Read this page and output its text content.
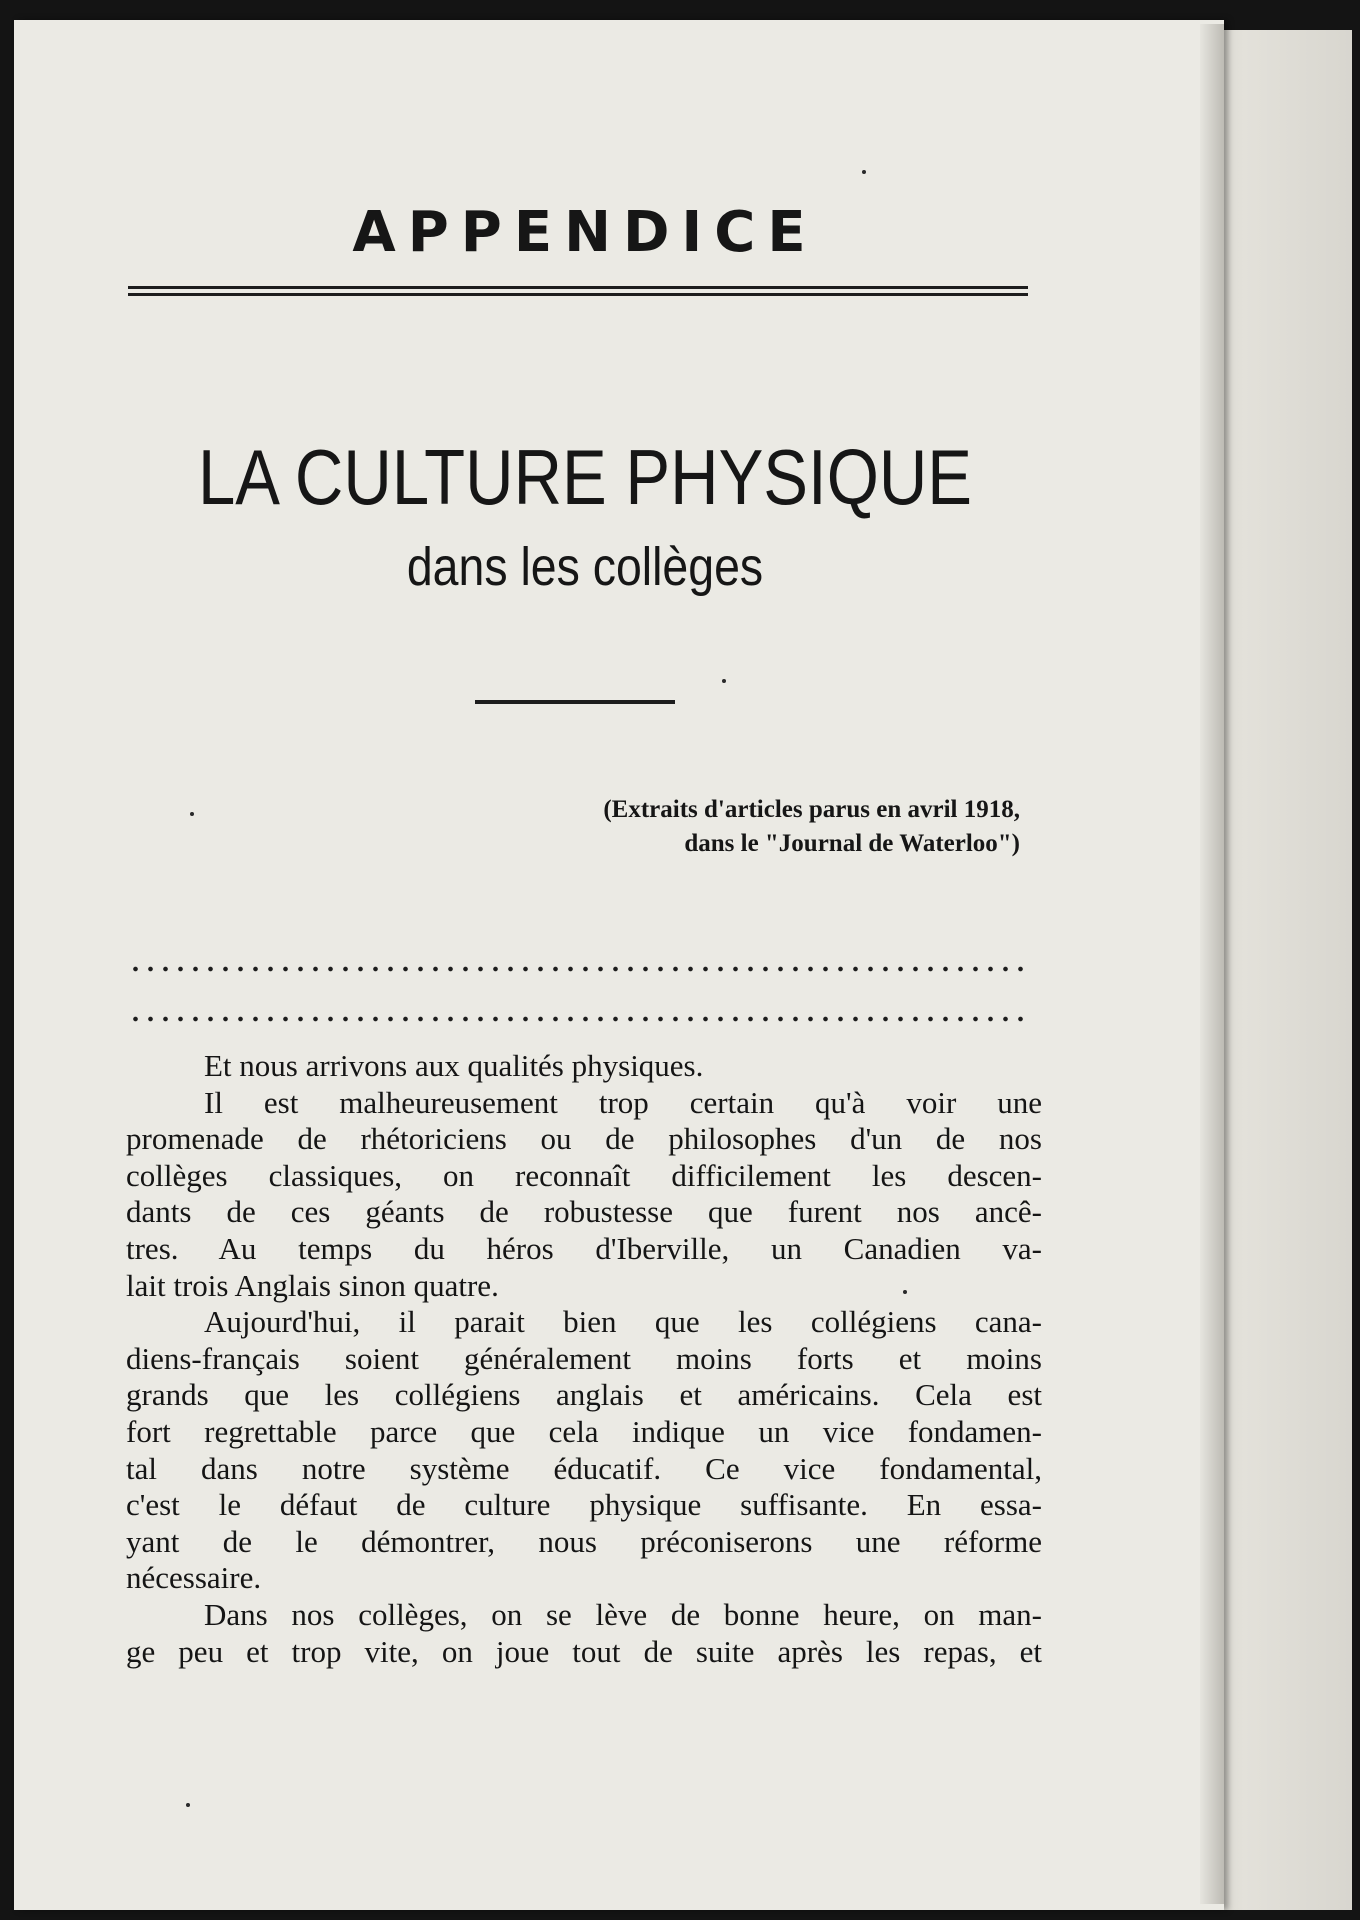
APPENDICE
LA CULTURE PHYSIQUE
dans les collèges
(Extraits d'articles parus en avril 1918,
dans le "Journal de Waterloo")

Et nous arrivons aux qualités physiques.

Il est malheureusement trop certain qu'à voir une
promenade de rhétoriciens ou de philosophes d'un de nos
collèges classiques, on reconnaît difficilement les descen-
dants de ces géants de robustesse que furent nos ancê-
tres. Au temps du héros d'Iberville, un Canadien va-
lait trois Anglais sinon quatre.

Aujourd'hui, il parait bien que les collégiens cana-
diens-français soient généralement moins forts et moins
grands que les collégiens anglais et américains. Cela est
fort regrettable parce que cela indique un vice fondamen-
tal dans notre système éducatif. Ce vice fondamental,
c'est le défaut de culture physique suffisante. En essa-
yant de le démontrer, nous préconiserons une réforme
nécessaire.

Dans nos collèges, on se lève de bonne heure, on man-
ge peu et trop vite, on joue tout de suite après les repas, et
